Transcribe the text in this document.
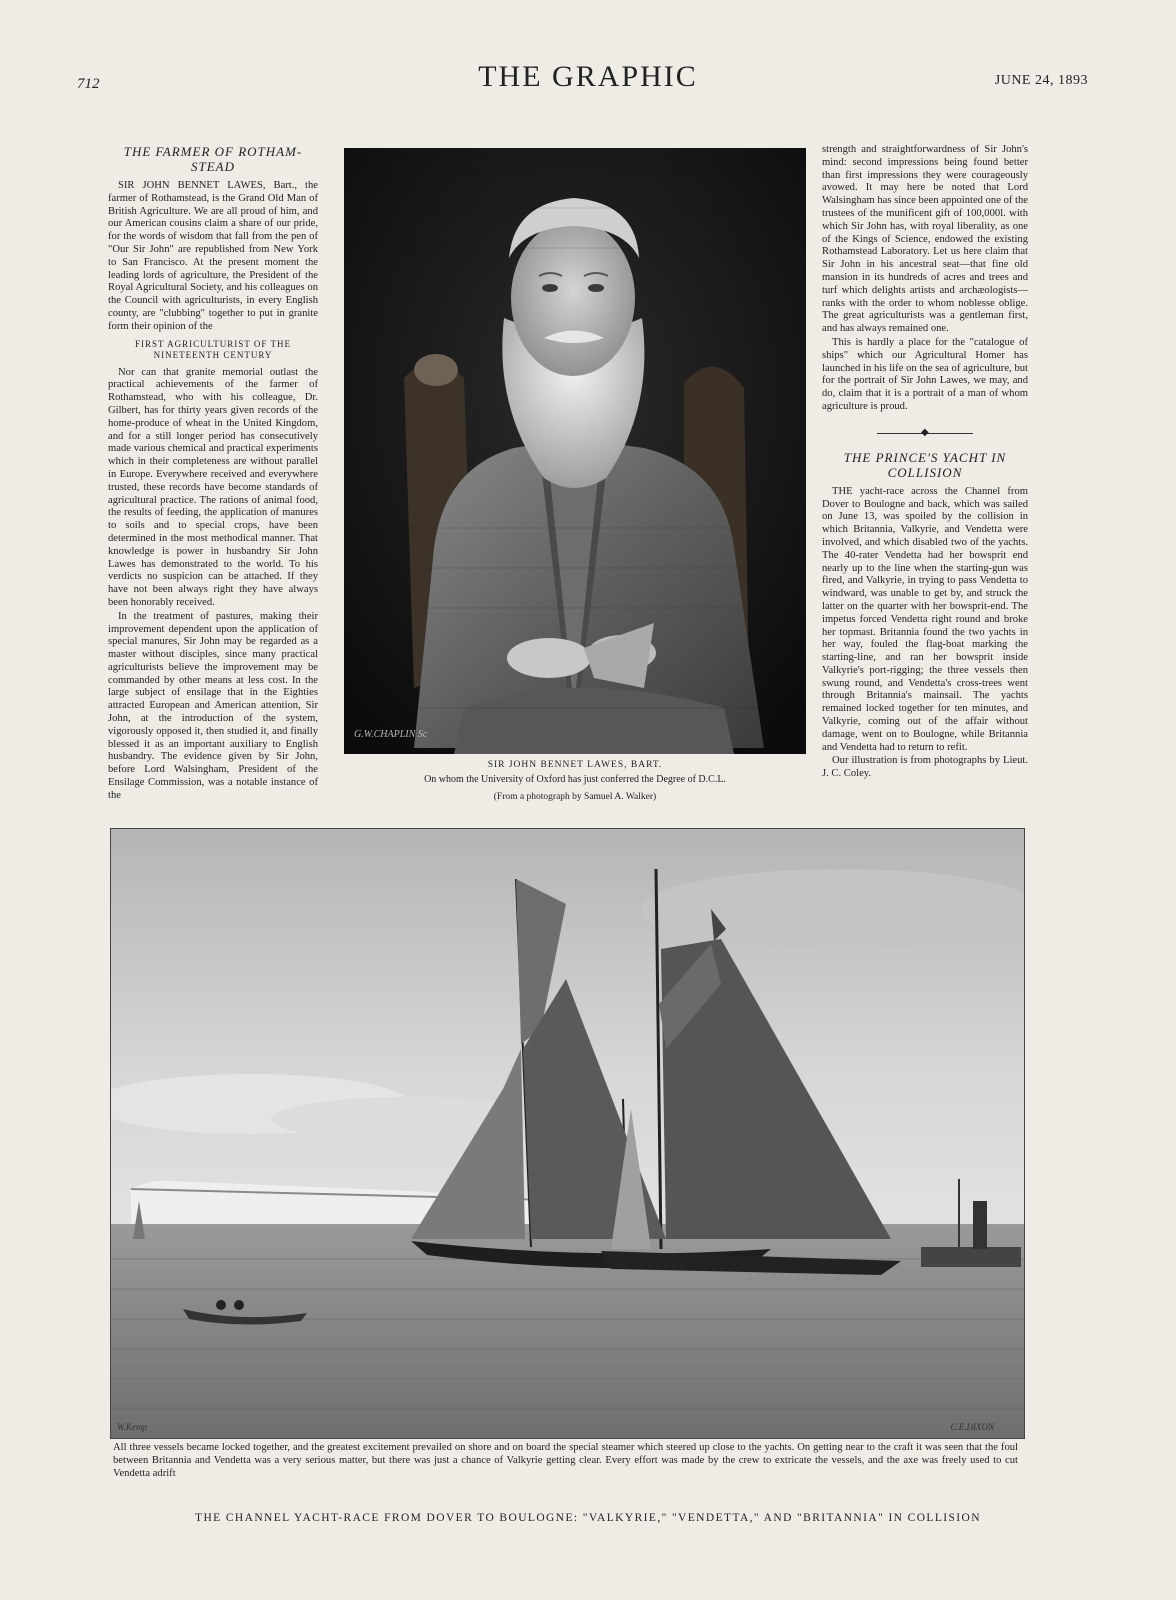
712	THE GRAPHIC	JUNE 24, 1893
THE FARMER OF ROTHAM-STEAD

SIR JOHN BENNET LAWES, Bart., the farmer of Rothamstead, is the Grand Old Man of British Agriculture. We are all proud of him, and our American cousins claim a share of our pride, for the words of wisdom that fall from the pen of "Our Sir John" are republished from New York to San Francisco. At the present moment the leading lords of agriculture, the President of the Royal Agricultural Society, and his colleagues on the Council with agriculturists, in every English county, are "clubbing" together to put in granite form their opinion of the

FIRST AGRICULTURIST OF THE NINETEENTH CENTURY

Nor can that granite memorial outlast the practical achievements of the farmer of Rothamstead, who with his colleague, Dr. Gilbert, has for thirty years given records of the home-produce of wheat in the United Kingdom, and for a still longer period has consecutively made various chemical and practical experiments which in their completeness are without parallel in Europe. Everywhere received and everywhere trusted, these records have become standards of agricultural practice. The rations of animal food, the results of feeding, the application of manures to soils and to special crops, have been determined in the most methodical manner. That knowledge is power in husbandry Sir John Lawes has demonstrated to the world. To his verdicts no suspicion can be attached. If they have not been always right they have always been honorably received.

In the treatment of pastures, making their improvement dependent upon the application of special manures, Sir John may be regarded as a master without disciples, since many practical agriculturists believe the improvement may be commanded by other means at less cost. In the large subject of ensilage that in the Eighties attracted European and American attention, Sir John, at the introduction of the system, vigorously opposed it, then studied it, and finally blessed it as an important auxiliary to English husbandry. The evidence given by Sir John, before Lord Walsingham, President of the Ensilage Commission, was a notable instance of the

G.W.CHAPLIN Sc
SIR JOHN BENNET LAWES, BART.
On whom the University of Oxford has just conferred the Degree of D.C.L.
(From a photograph by Samuel A. Walker)

strength and straightforwardness of Sir John's mind: second impressions being found better than first impressions they were courageously avowed. It may here be noted that Lord Walsingham has since been appointed one of the trustees of the munificent gift of 100,000l. with which Sir John has, with royal liberality, as one of the Kings of Science, endowed the existing Rothamstead Laboratory. Let us here claim that Sir John in his ancestral seat—that fine old mansion in its hundreds of acres and trees and turf which delights artists and archæologists—ranks with the order to whom noblesse oblige. The great agriculturists was a gentleman first, and has always remained one.

This is hardly a place for the "catalogue of ships" which our Agricultural Homer has launched in his life on the sea of agriculture, but for the portrait of Sir John Lawes, we may, and do, claim that it is a portrait of a man of whom agriculture is proud.

◆
THE PRINCE'S YACHT IN COLLISION

THE yacht-race across the Channel from Dover to Boulogne and back, which was sailed on June 13, was spoiled by the collision in which Britannia, Valkyrie, and Vendetta were involved, and which disabled two of the yachts. The 40-rater Vendetta had her bowsprit end nearly up to the line when the starting-gun was fired, and Valkyrie, in trying to pass Vendetta to windward, was unable to get by, and struck the latter on the quarter with her bowsprit-end. The impetus forced Vendetta right round and broke her topmast. Britannia found the two yachts in her way, fouled the flag-boat marking the starting-line, and ran her bowsprit inside Valkyrie's port-rigging; the three vessels then swung round, and Vendetta's cross-trees went through Britannia's mainsail. The yachts remained locked together for ten minutes, and Valkyrie, coming out of the affair without damage, went on to Boulogne, while Britannia and Vendetta had to return to refit.

Our illustration is from photographs by Lieut. J. C. Coley.

W.Kemp	C.E.DIXON
All three vessels became locked together, and the greatest excitement prevailed on shore and on board the special steamer which steered up close to the yachts. On getting near to the craft it was seen that the foul between Britannia and Vendetta was a very serious matter, but there was just a chance of Valkyrie getting clear. Every effort was made by the crew to extricate the vessels, and the axe was freely used to cut Vendetta adrift
THE CHANNEL YACHT-RACE FROM DOVER TO BOULOGNE: "VALKYRIE," "VENDETTA," AND "BRITANNIA" IN COLLISION
